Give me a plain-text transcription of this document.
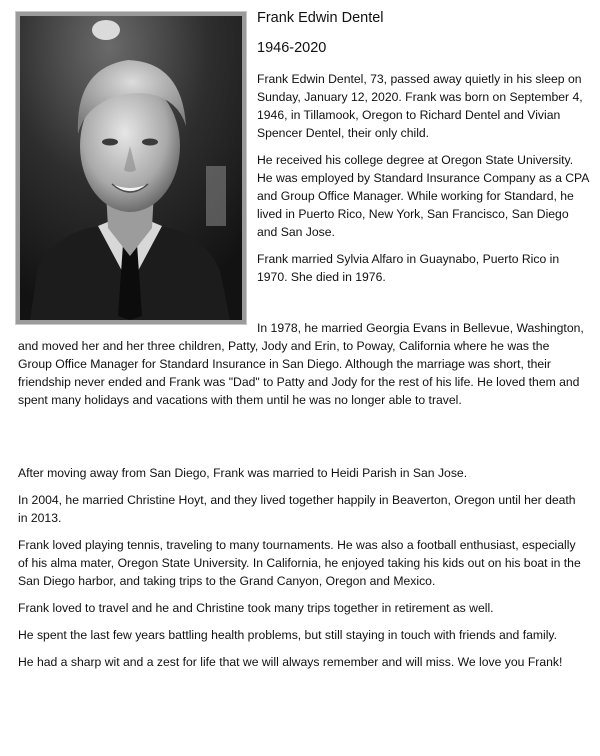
Frank Edwin Dentel
1946-2020

Frank Edwin Dentel, 73, passed away quietly in his sleep on Sunday, January 12, 2020. Frank was born on September 4, 1946, in Tillamook, Oregon to Richard Dentel and Vivian Spencer Dentel, their only child.

He received his college degree at Oregon State University. He was employed by Standard Insurance Company as a CPA and Group Office Manager. While working for Standard, he lived in Puerto Rico, New York, San Francisco, San Diego and San Jose.

Frank married Sylvia Alfaro in Guaynabo, Puerto Rico in 1970. She died in 1976.

In 1978, he married Georgia Evans in Bellevue, Washington, and moved her and her three children, Patty, Jody and Erin, to Poway, California where he was the Group Office Manager for Standard Insurance in San Diego. Although the marriage was short, their friendship never ended and Frank was "Dad" to Patty and Jody for the rest of his life. He loved them and spent many holidays and vacations with them until he was no longer able to travel.

After moving away from San Diego, Frank was married to Heidi Parish in San Jose.

In 2004, he married Christine Hoyt, and they lived together happily in Beaverton, Oregon until her death in 2013.

Frank loved playing tennis, traveling to many tournaments. He was also a football enthusiast, especially of his alma mater, Oregon State University. In California, he enjoyed taking his kids out on his boat in the San Diego harbor, and taking trips to the Grand Canyon, Oregon and Mexico.

Frank loved to travel and he and Christine took many trips together in retirement as well.

He spent the last few years battling health problems, but still staying in touch with friends and family.

He had a sharp wit and a zest for life that we will always remember and will miss. We love you Frank!
